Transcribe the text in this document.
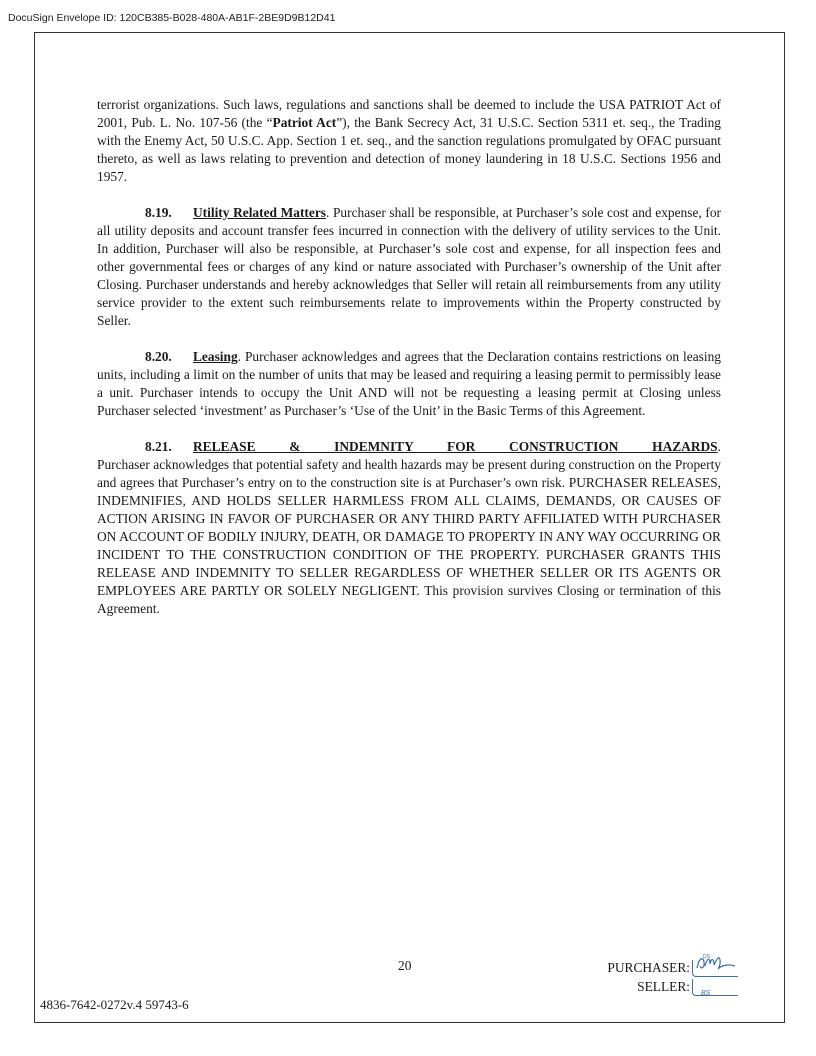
DocuSign Envelope ID: 120CB385-B028-480A-AB1F-2BE9D9B12D41

terrorist organizations. Such laws, regulations and sanctions shall be deemed to include the USA PATRIOT Act of 2001, Pub. L. No. 107-56 (the “Patriot Act”), the Bank Secrecy Act, 31 U.S.C. Section 5311 et. seq., the Trading with the Enemy Act, 50 U.S.C. App. Section 1 et. seq., and the sanction regulations promulgated by OFAC pursuant thereto, as well as laws relating to prevention and detection of money laundering in 18 U.S.C. Sections 1956 and 1957.

8.19. Utility Related Matters. Purchaser shall be responsible, at Purchaser’s sole cost and expense, for all utility deposits and account transfer fees incurred in connection with the delivery of utility services to the Unit. In addition, Purchaser will also be responsible, at Purchaser’s sole cost and expense, for all inspection fees and other governmental fees or charges of any kind or nature associated with Purchaser’s ownership of the Unit after Closing. Purchaser understands and hereby acknowledges that Seller will retain all reimbursements from any utility service provider to the extent such reimbursements relate to improvements within the Property constructed by Seller.

8.20. Leasing. Purchaser acknowledges and agrees that the Declaration contains restrictions on leasing units, including a limit on the number of units that may be leased and requiring a leasing permit to permissibly lease a unit. Purchaser intends to occupy the Unit AND will not be requesting a leasing permit at Closing unless Purchaser selected ‘investment’ as Purchaser’s ‘Use of the Unit’ in the Basic Terms of this Agreement.

8.21. RELEASE & INDEMNITY FOR CONSTRUCTION HAZARDS. Purchaser acknowledges that potential safety and health hazards may be present during construction on the Property and agrees that Purchaser’s entry on to the construction site is at Purchaser’s own risk. PURCHASER RELEASES, INDEMNIFIES, AND HOLDS SELLER HARMLESS FROM ALL CLAIMS, DEMANDS, OR CAUSES OF ACTION ARISING IN FAVOR OF PURCHASER OR ANY THIRD PARTY AFFILIATED WITH PURCHASER ON ACCOUNT OF BODILY INJURY, DEATH, OR DAMAGE TO PROPERTY IN ANY WAY OCCURRING OR INCIDENT TO THE CONSTRUCTION CONDITION OF THE PROPERTY. PURCHASER GRANTS THIS RELEASE AND INDEMNITY TO SELLER REGARDLESS OF WHETHER SELLER OR ITS AGENTS OR EMPLOYEES ARE PARTLY OR SOLELY NEGLIGENT. This provision survives Closing or termination of this Agreement.

20	PURCHASER:
DS
SELLER: BS
4836-7642-0272v.4 59743-6
